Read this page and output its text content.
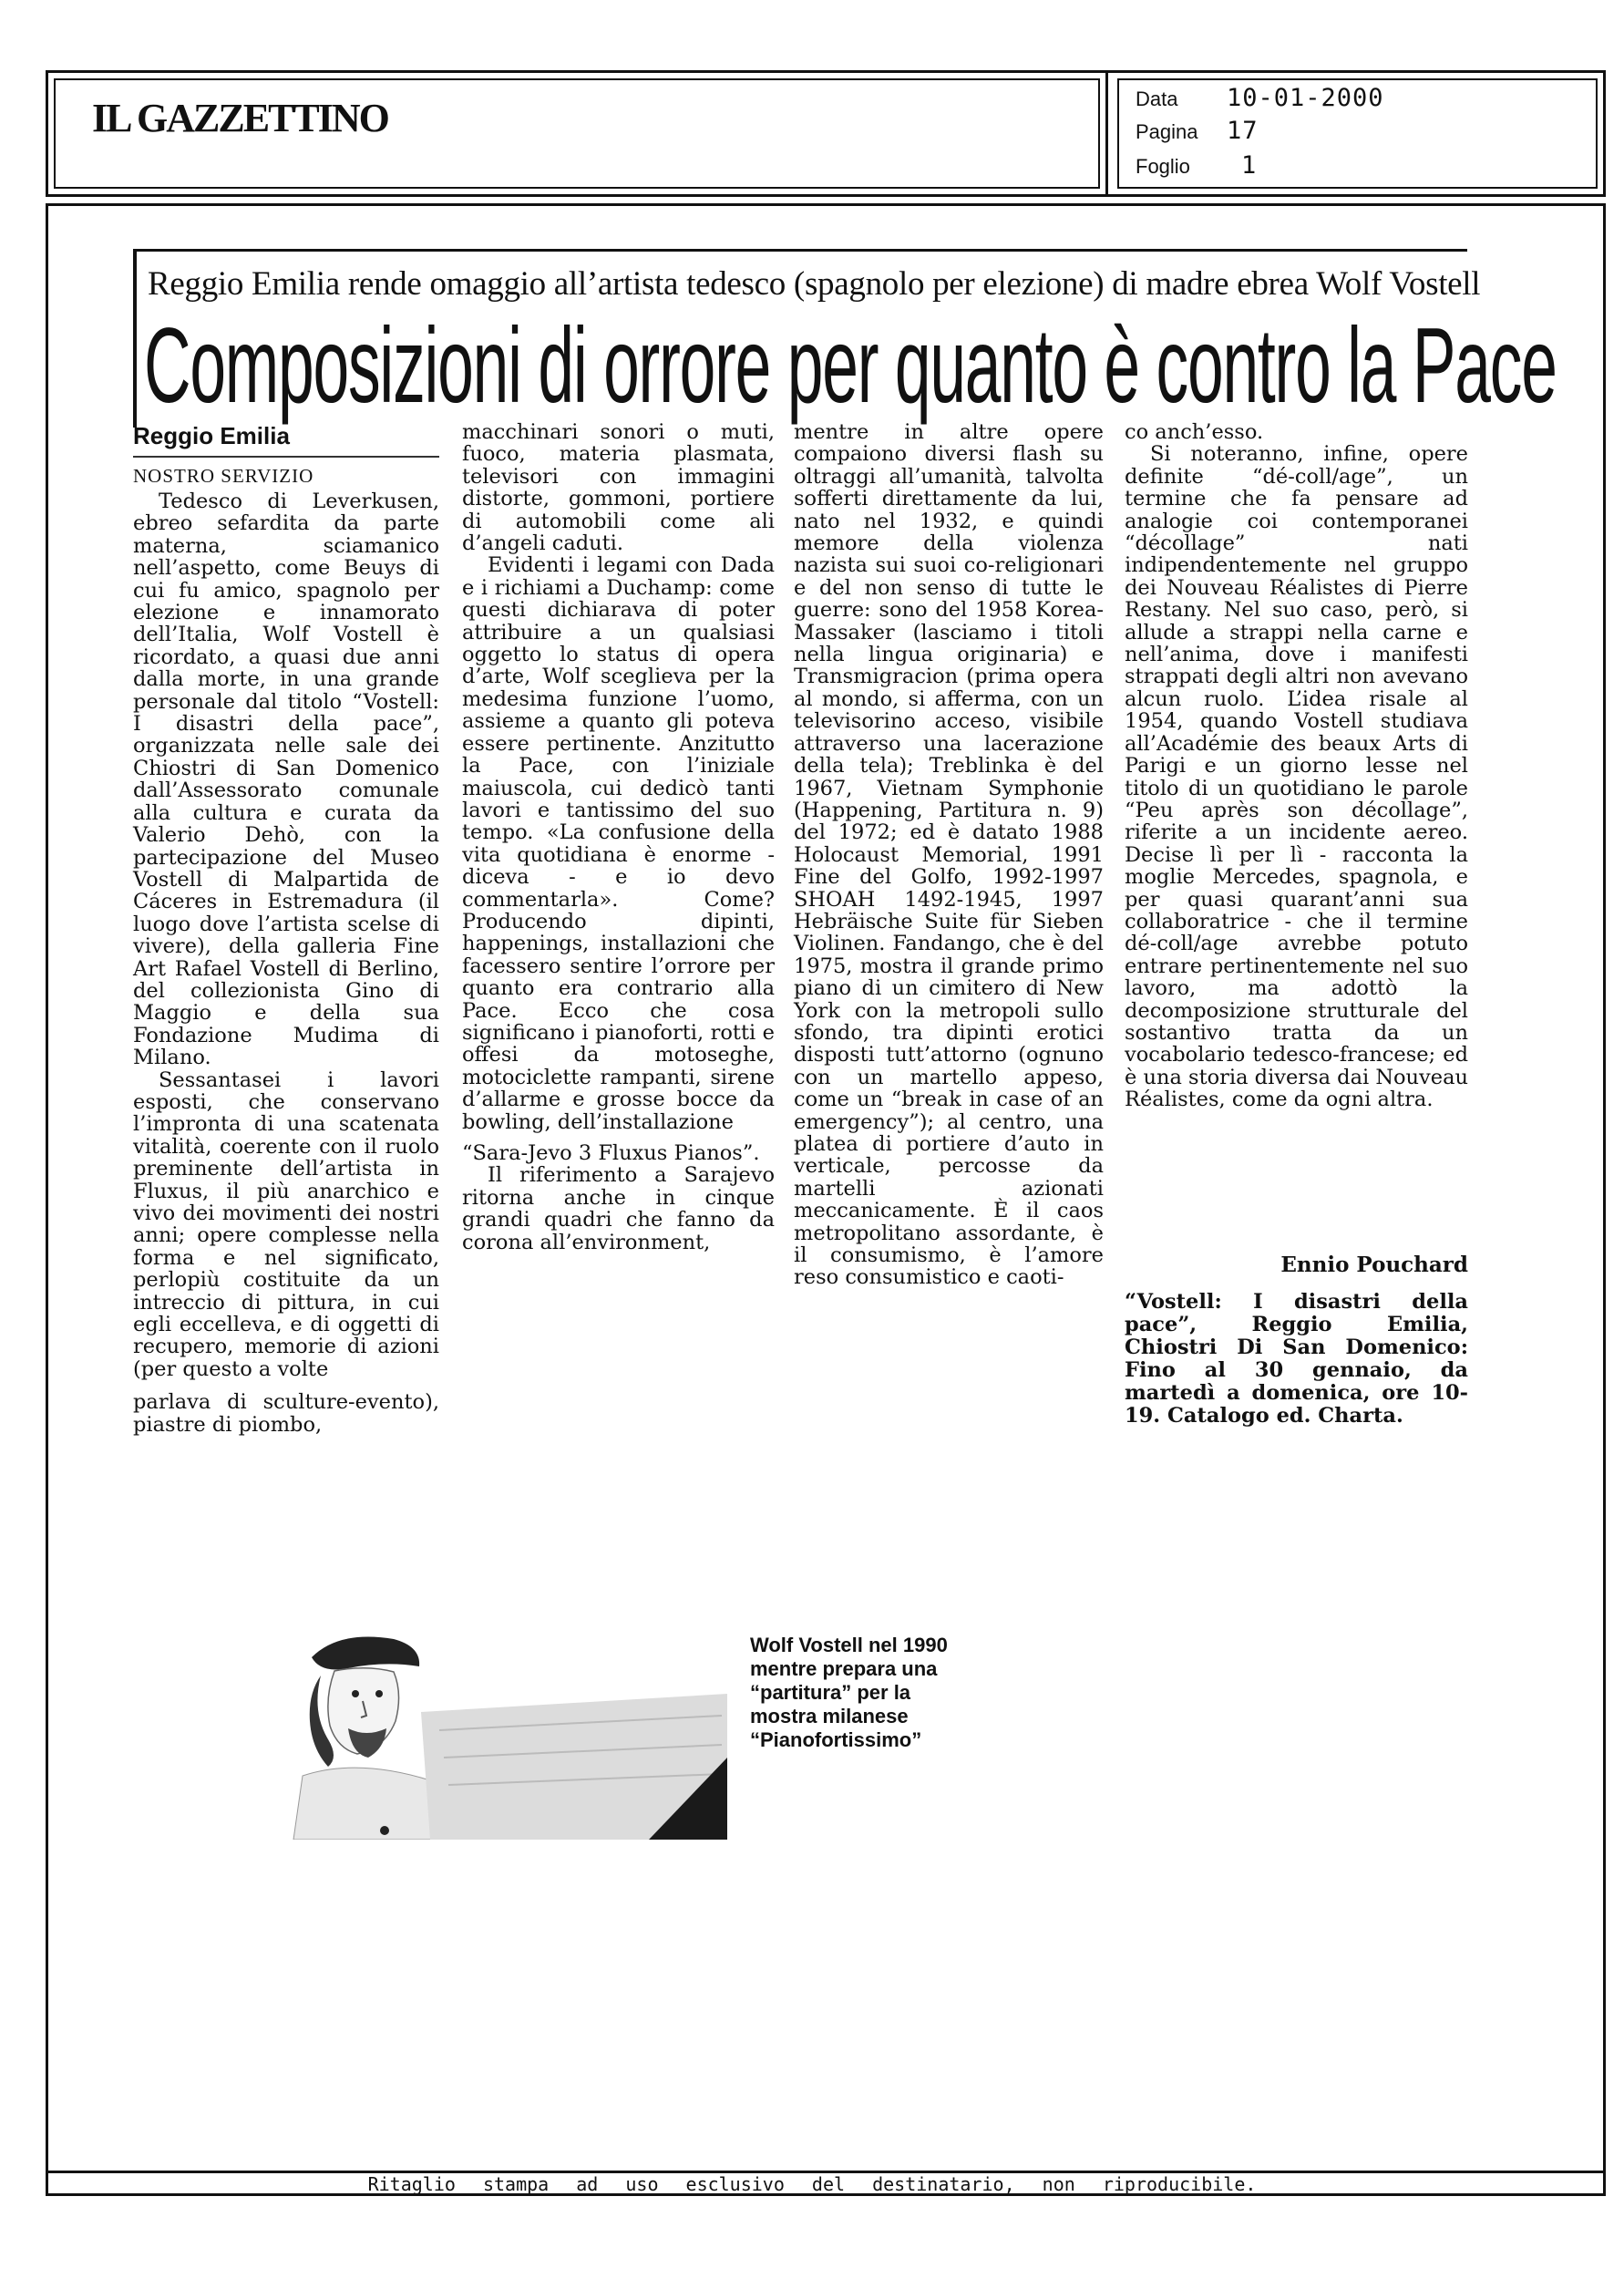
IL GAZZETTINO	Data	10-01-2000
Pagina	17
Foglio	1
Reggio Emilia rende omaggio all’artista tedesco (spagnolo per elezione) di madre ebrea Wolf Vostell
Composizioni di orrore per quanto è contro la Pace
Reggio Emilia
NOSTRO SERVIZIO

Tedesco di Leverkusen, ebreo sefardita da parte materna, sciamanico nell’aspetto, come Beuys di cui fu amico, spagnolo per elezione e innamorato dell’Italia, Wolf Vostell è ricordato, a quasi due anni dalla morte, in una grande personale dal titolo “Vostell: I disastri della pace”, organizzata nelle sale dei Chiostri di San Domenico dall’Assessorato comunale alla cultura e curata da Valerio Dehò, con la partecipazione del Museo Vostell di Malpartida de Cáceres in Estremadura (il luogo dove l’artista scelse di vivere), della galleria Fine Art Rafael Vostell di Berlino, del collezionista Gino di Maggio e della sua Fondazione Mudima di Milano.

Sessantasei i lavori esposti, che conservano l’impronta di una scatenata vitalità, coerente con il ruolo preminente dell’artista in Fluxus, il più anarchico e vivo dei movimenti dei nostri anni; opere complesse nella forma e nel significato, perlopiù costituite da un intreccio di pittura, in cui egli eccelleva, e di oggetti di recupero, memorie di azioni (per questo a volte

parlava di sculture-evento), piastre di piombo,

macchinari sonori o muti, fuoco, materia plasmata, televisori con immagini distorte, gommoni, portiere di automobili come ali d’angeli caduti.

Evidenti i legami con Dada e i richiami a Duchamp: come questi dichiarava di poter attribuire a un qualsiasi oggetto lo status di opera d’arte, Wolf sceglieva per la medesima funzione l’uomo, assieme a quanto gli poteva essere pertinente. Anzitutto la Pace, con l’iniziale maiuscola, cui dedicò tanti lavori e tantissimo del suo tempo. «La confusione della vita quotidiana è enorme - diceva - e io devo commentarla». Come? Producendo dipinti, happenings, installazioni che facessero sentire l’orrore per quanto era contrario alla Pace. Ecco che cosa significano i pianoforti, rotti e offesi da motoseghe, motociclette rampanti, sirene d’allarme e grosse bocce da bowling, dell’installazione

“Sara-Jevo 3 Fluxus Pianos”.

Il riferimento a Sarajevo ritorna anche in cinque grandi quadri che fanno da corona all’environment,

mentre in altre opere compaiono diversi flash su oltraggi all’umanità, talvolta sofferti direttamente da lui, nato nel 1932, e quindi memore della violenza nazista sui suoi co-religionari e del non senso di tutte le guerre: sono del 1958 Korea-Massaker (lasciamo i titoli nella lingua originaria) e Transmigracion (prima opera al mondo, si afferma, con un televisorino acceso, visibile attraverso una lacerazione della tela); Treblinka è del 1967, Vietnam Symphonie (Happening, Partitura n. 9) del 1972; ed è datato 1988 Holocaust Memorial, 1991 Fine del Golfo, 1992-1997 SHOAH 1492-1945, 1997 Hebräische Suite für Sieben Violinen. Fandango, che è del 1975, mostra il grande primo piano di un cimitero di New York con la metropoli sullo sfondo, tra dipinti erotici disposti tutt’attorno (ognuno con un martello appeso, come un “break in case of an emergency”); al centro, una platea di portiere d’auto in verticale, percosse da martelli azionati meccanicamente. È il caos metropolitano assordante, è il consumismo, è l’amore reso consumistico e caoti-

co anch’esso.

Si noteranno, infine, opere definite “dé-coll/age”, un termine che fa pensare ad analogie coi contemporanei “décollage” nati indipendentemente nel gruppo dei Nouveau Réalistes di Pierre Restany. Nel suo caso, però, si allude a strappi nella carne e nell’anima, dove i manifesti strappati degli altri non avevano alcun ruolo. L’idea risale al 1954, quando Vostell studiava all’Académie des beaux Arts di Parigi e un giorno lesse nel titolo di un quotidiano le parole “Peu après son décollage”, riferite a un incidente aereo. Decise lì per lì - racconta la moglie Mercedes, spagnola, e per quasi quarant’anni sua collaboratrice - che il termine dé-coll/age avrebbe potuto entrare pertinentemente nel suo lavoro, ma adottò la decomposizione strutturale del sostantivo tratta da un vocabolario tedesco-francese; ed è una storia diversa dai Nouveau Réalistes, come da ogni altra.

Ennio Pouchard
“Vostell: I disastri della pace”, Reggio Emilia, Chiostri Di San Domenico: Fino al 30 gennaio, da martedì a domenica, ore 10-19. Catalogo ed. Charta.
Wolf Vostell nel 1990 mentre prepara una “partitura” per la mostra milanese “Pianofortissimo”
Ritaglio stampa ad uso esclusivo del destinatario, non riproducibile.
